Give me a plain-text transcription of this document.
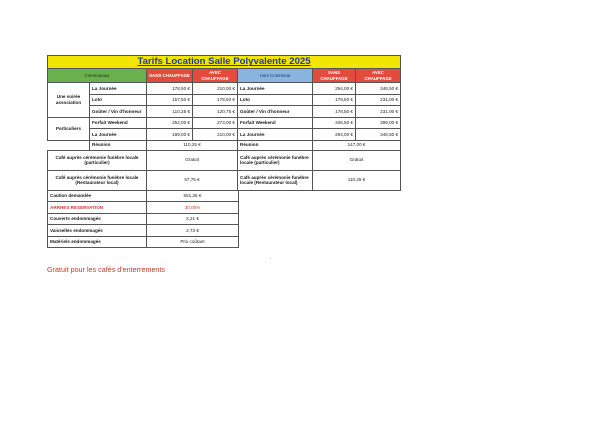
Tarifs Location Salle Polyvalente 2025						
Communaux		SANS CHAUFFAGE	AVEC CHAUFFAGE	Hors Commune	SANS CHAUFFAGE	AVEC CHAUFFAGE
Une soirée association	La Journée	178,50 €	210,00 €	La Journée	294,00 €	346,50 €
	Loto	157,50 €	178,50 €	Loto	178,50 €	231,00 €
	Goûter / Vin d'honneur	110,25 €	120,75 €	Goûter / Vin d'honneur	178,50 €	231,00 €
Particuliers	Forfait Weekend	252,00 €	273,00 €	Forfait Weekend	346,50 €	399,00 €
	La Journée	189,00 €	210,00 €	La Journée	294,00 €	346,50 €
	Réunion	110,25 €		Réunion	147,00 €	
Café auprès cérémonie funèbre locale (particulier)		Gratuit		Café auprès cérémonie funèbre locale (particulier)	Gratuit	
Café auprès cérémonie funèbre locale (Restaurateur local)		57,75 €		Café auprès cérémonie funèbre locale (Restaurateur local)	110,25 €	
Caution demandée	551,25 €
ARRHES RESERVATION	30,00%
Couverts endommagés	2,21 €
Vaisselles endommagés	2,73 €
Matériels endommagés	Prix coûtant
Gratuit pour les cafés d'enterrements
